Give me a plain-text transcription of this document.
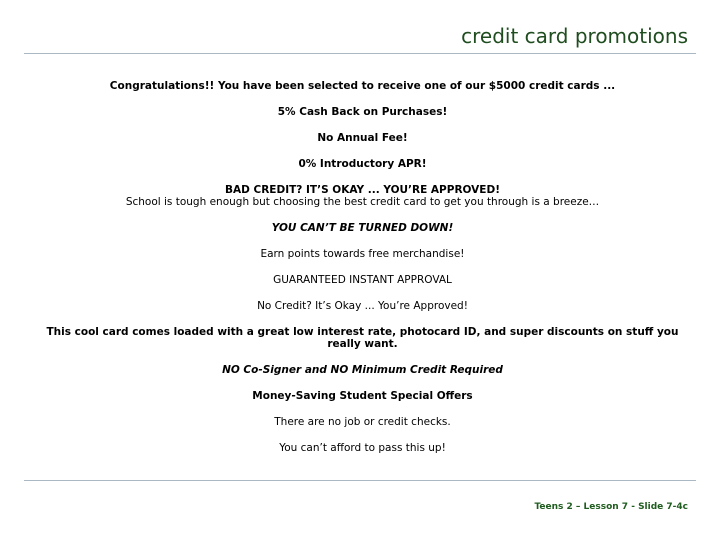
credit card promotions

Congratulations!! You have been selected to receive one of our $5000 credit cards ...

5% Cash Back on Purchases!

No Annual Fee!

0% Introductory APR!

BAD CREDIT? IT’S OKAY ... YOU’RE APPROVED!
School is tough enough but choosing the best credit card to get you through is a breeze…

YOU CAN’T BE TURNED DOWN!

Earn points towards free merchandise!

GUARANTEED INSTANT APPROVAL

No Credit? It’s Okay ... You’re Approved!

This cool card comes loaded with a great low interest rate, photocard ID, and super discounts on stuff you really want.

NO Co-Signer and NO Minimum Credit Required

Money-Saving Student Special Offers

There are no job or credit checks.

You can’t afford to pass this up!

Teens 2 – Lesson 7 - Slide 7-4c
